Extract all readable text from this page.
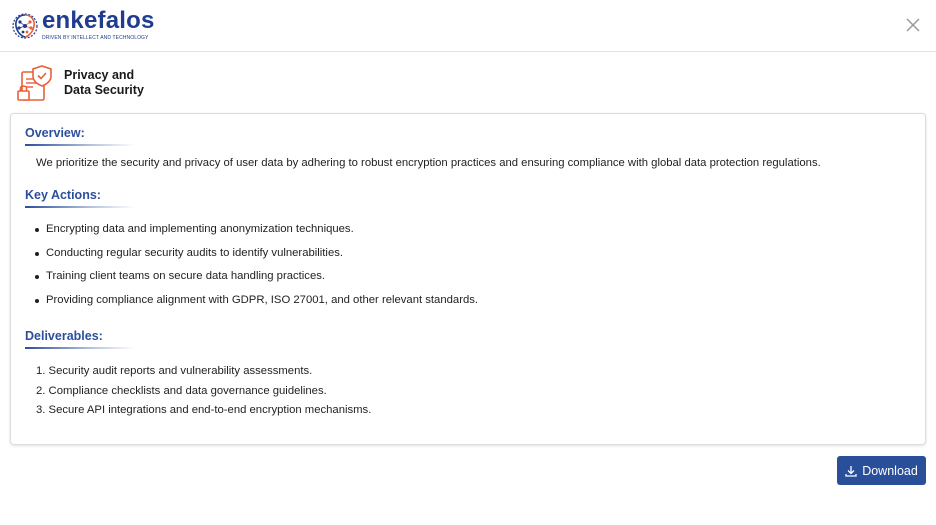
enkefalos
DRIVEN BY INTELLECT AND TECHNOLOGY
Privacy and
Data Security
Overview:

We prioritize the security and privacy of user data by adhering to robust encryption practices and ensuring compliance with global data protection regulations.

Key Actions:
Encrypting data and implementing anonymization techniques.
Conducting regular security audits to identify vulnerabilities.
Training client teams on secure data handling practices.
Providing compliance alignment with GDPR, ISO 27001, and other relevant standards.
Deliverables:
1. Security audit reports and vulnerability assessments.
2. Compliance checklists and data governance guidelines.
3. Secure API integrations and end-to-end encryption mechanisms.
Download
